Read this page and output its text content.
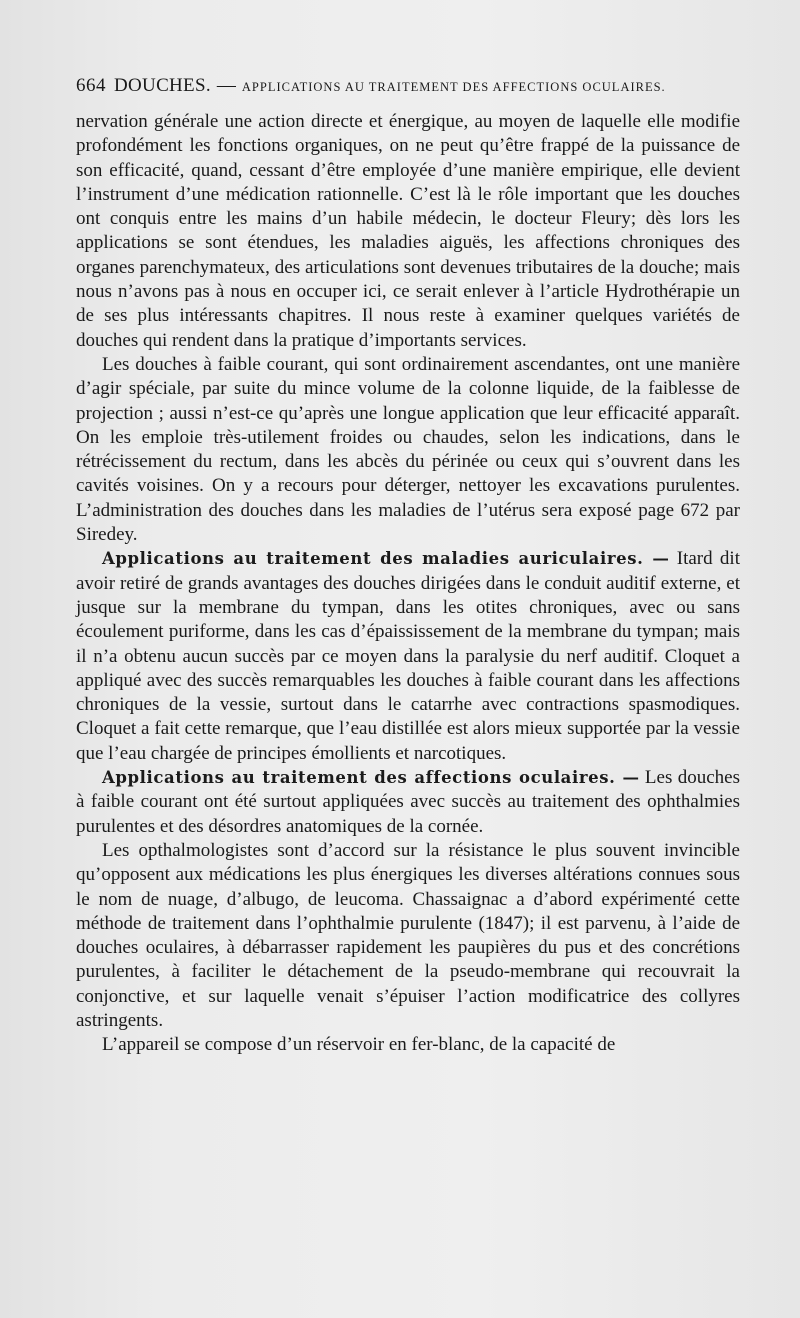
664 DOUCHES. — APPLICATIONS AU TRAITEMENT DES AFFECTIONS OCULAIRES.

nervation générale une action directe et énergique, au moyen de laquelle elle modifie profondément les fonctions organiques, on ne peut qu’être frappé de la puissance de son efficacité, quand, cessant d’être employée d’une manière empirique, elle devient l’instrument d’une médication rationnelle. C’est là le rôle important que les douches ont conquis entre les mains d’un habile médecin, le docteur Fleury; dès lors les applications se sont étendues, les maladies aiguës, les affections chroniques des organes parenchymateux, des articulations sont devenues tributaires de la douche; mais nous n’avons pas à nous en occuper ici, ce serait enlever à l’article Hydrothérapie un de ses plus intéressants chapitres. Il nous reste à examiner quelques variétés de douches qui rendent dans la pratique d’importants services.

Les douches à faible courant, qui sont ordinairement ascendantes, ont une manière d’agir spéciale, par suite du mince volume de la colonne liquide, de la faiblesse de projection ; aussi n’est-ce qu’après une longue application que leur efficacité apparaît. On les emploie très-utilement froides ou chaudes, selon les indications, dans le rétrécissement du rectum, dans les abcès du périnée ou ceux qui s’ouvrent dans les cavités voisines. On y a recours pour déterger, nettoyer les excavations purulentes. L’administration des douches dans les maladies de l’utérus sera exposé page 672 par Siredey.

Applications au traitement des maladies auriculaires. — Itard dit avoir retiré de grands avantages des douches dirigées dans le conduit auditif externe, et jusque sur la membrane du tympan, dans les otites chroniques, avec ou sans écoulement puriforme, dans les cas d’épaississement de la membrane du tympan; mais il n’a obtenu aucun succès par ce moyen dans la paralysie du nerf auditif. Cloquet a appliqué avec des succès remarquables les douches à faible courant dans les affections chroniques de la vessie, surtout dans le catarrhe avec contractions spasmodiques. Cloquet a fait cette remarque, que l’eau distillée est alors mieux supportée par la vessie que l’eau chargée de principes émollients et narcotiques.

Applications au traitement des affections oculaires. — Les douches à faible courant ont été surtout appliquées avec succès au traitement des ophthalmies purulentes et des désordres anatomiques de la cornée.

Les opthalmologistes sont d’accord sur la résistance le plus souvent invincible qu’opposent aux médications les plus énergiques les diverses altérations connues sous le nom de nuage, d’albugo, de leucoma. Chassaignac a d’abord expérimenté cette méthode de traitement dans l’ophthalmie purulente (1847); il est parvenu, à l’aide de douches oculaires, à débarrasser rapidement les paupières du pus et des concrétions purulentes, à faciliter le détachement de la pseudo-membrane qui recouvrait la conjonctive, et sur laquelle venait s’épuiser l’action modificatrice des collyres astringents.

L’appareil se compose d’un réservoir en fer-blanc, de la capacité de
